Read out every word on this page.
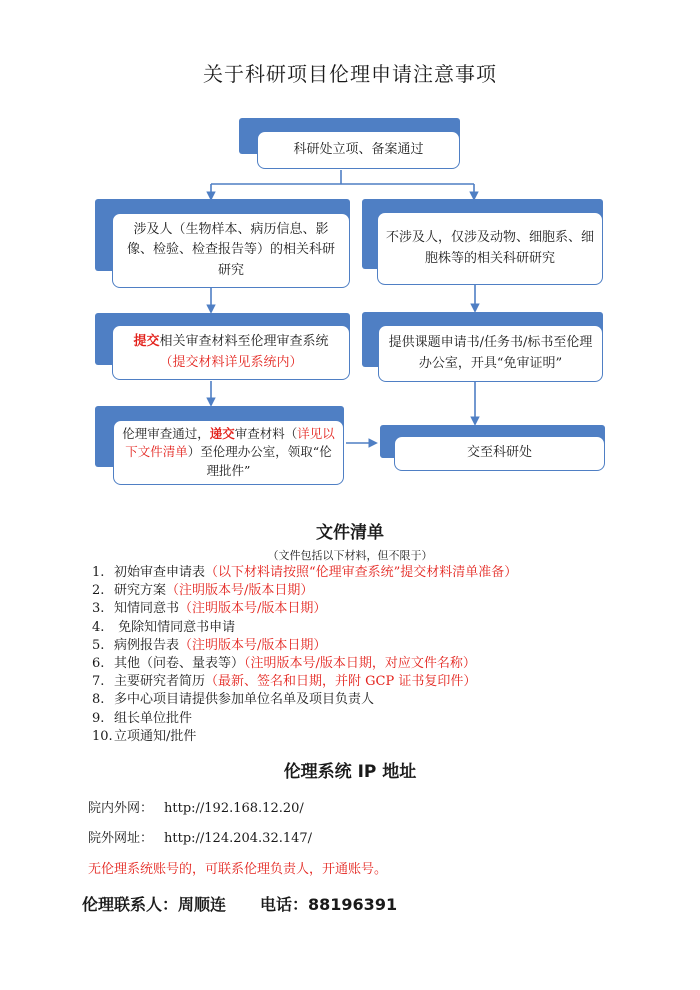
关于科研项目伦理申请注意事项
科研处立项、备案通过
涉及人（生物样本、病历信息、影像、检验、检查报告等）的相关科研研究
提交相关审查材料至伦理审查系统
（提交材料详见系统内）
伦理审查通过，递交审查材料（详见以下文件清单）至伦理办公室，领取“伦理批件”
不涉及人，仅涉及动物、细胞系、细胞株等的相关科研研究
提供课题申请书/任务书/标书至伦理办公室，开具“免审证明”
交至科研处
文件清单
（文件包括以下材料，但不限于）
1. 初始审查申请表（以下材料请按照“伦理审查系统”提交材料清单准备）
2. 研究方案（注明版本号/版本日期）
3. 知情同意书（注明版本号/版本日期）
4. 免除知情同意书申请
5. 病例报告表（注明版本号/版本日期）
6. 其他（问卷、量表等）（注明版本号/版本日期，对应文件名称）
7. 主要研究者简历（最新、签名和日期，并附 GCP 证书复印件）
8. 多中心项目请提供参加单位名单及项目负责人
9. 组长单位批件
10.立项通知/批件
伦理系统 IP 地址
院内外网： http://192.168.12.20/
院外网址： http://124.204.32.147/
无伦理系统账号的，可联系伦理负责人，开通账号。
伦理联系人：周顺连 电话：88196391
